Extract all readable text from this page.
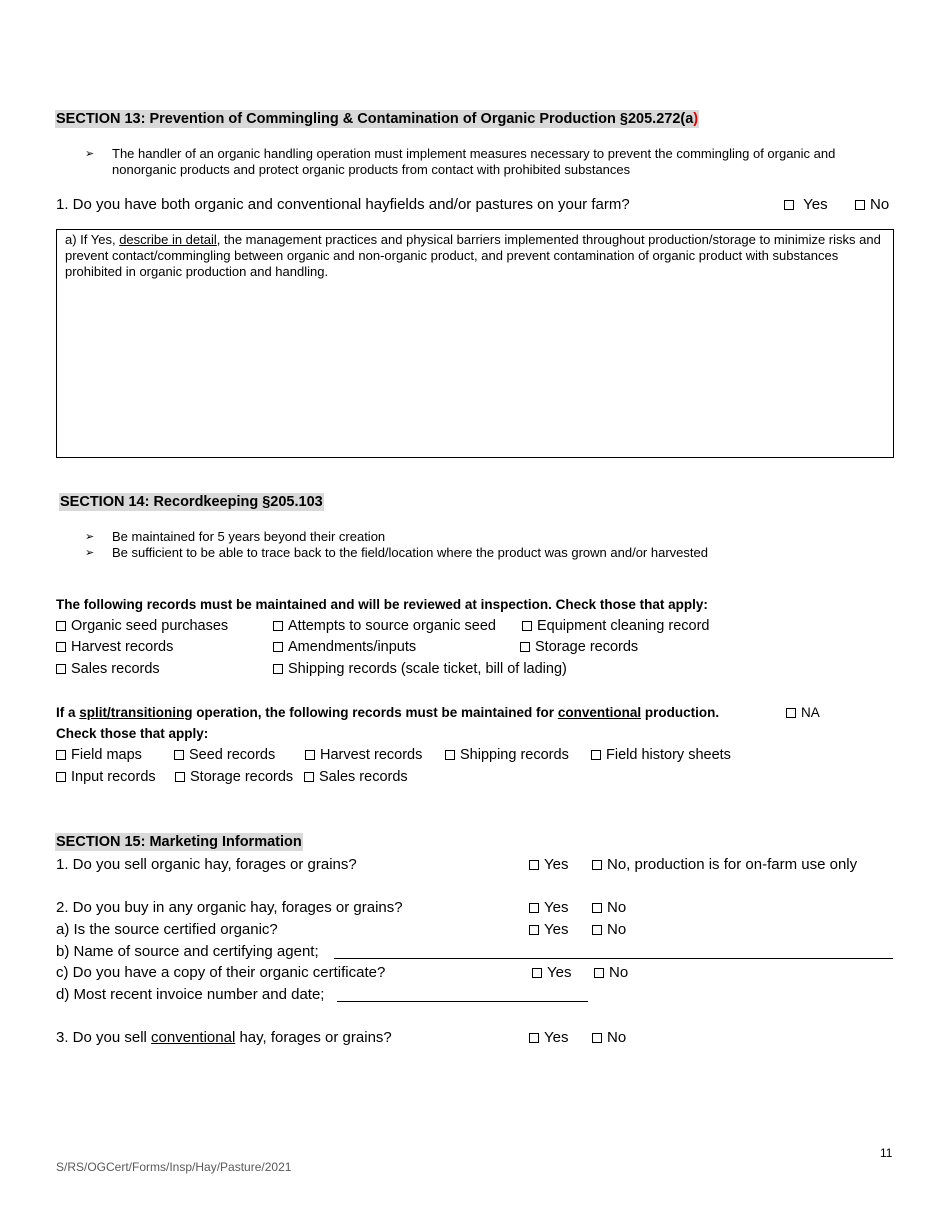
SECTION 13: Prevention of Commingling & Contamination of Organic Production §205.272(a)
➢ The handler of an organic handling operation must implement measures necessary to prevent the commingling of organic and
nonorganic products and protect organic products from contact with prohibited substances
1. Do you have both organic and conventional hayfields and/or pastures on your farm?	Yes	No
a) If Yes, describe in detail, the management practices and physical barriers implemented throughout production/storage to minimize risks and prevent contact/commingling between organic and non-organic product, and prevent contamination of organic product with substances prohibited in organic production and handling.
SECTION 14: Recordkeeping §205.103
➢ Be maintained for 5 years beyond their creation
➢ Be sufficient to be able to trace back to the field/location where the product was grown and/or harvested
The following records must be maintained and will be reviewed at inspection. Check those that apply:
Organic seed purchases	Attempts to source organic seed	Equipment cleaning record
Harvest records	Amendments/inputs	Storage records
Sales records	Shipping records (scale ticket, bill of lading)
If a split/transitioning operation, the following records must be maintained for conventional production.	NA
Check those that apply:
Field maps	Seed records	Harvest records	Shipping records	Field history sheets
Input records	Storage records	Sales records
SECTION 15: Marketing Information
1. Do you sell organic hay, forages or grains?	Yes	No, production is for on-farm use only
2. Do you buy in any organic hay, forages or grains?	Yes	No
a) Is the source certified organic?	Yes	No
b) Name of source and certifying agent;
c) Do you have a copy of their organic certificate?	Yes	No
d) Most recent invoice number and date;
3. Do you sell conventional hay, forages or grains?	Yes	No
11
S/RS/OGCert/Forms/Insp/Hay/Pasture/2021
